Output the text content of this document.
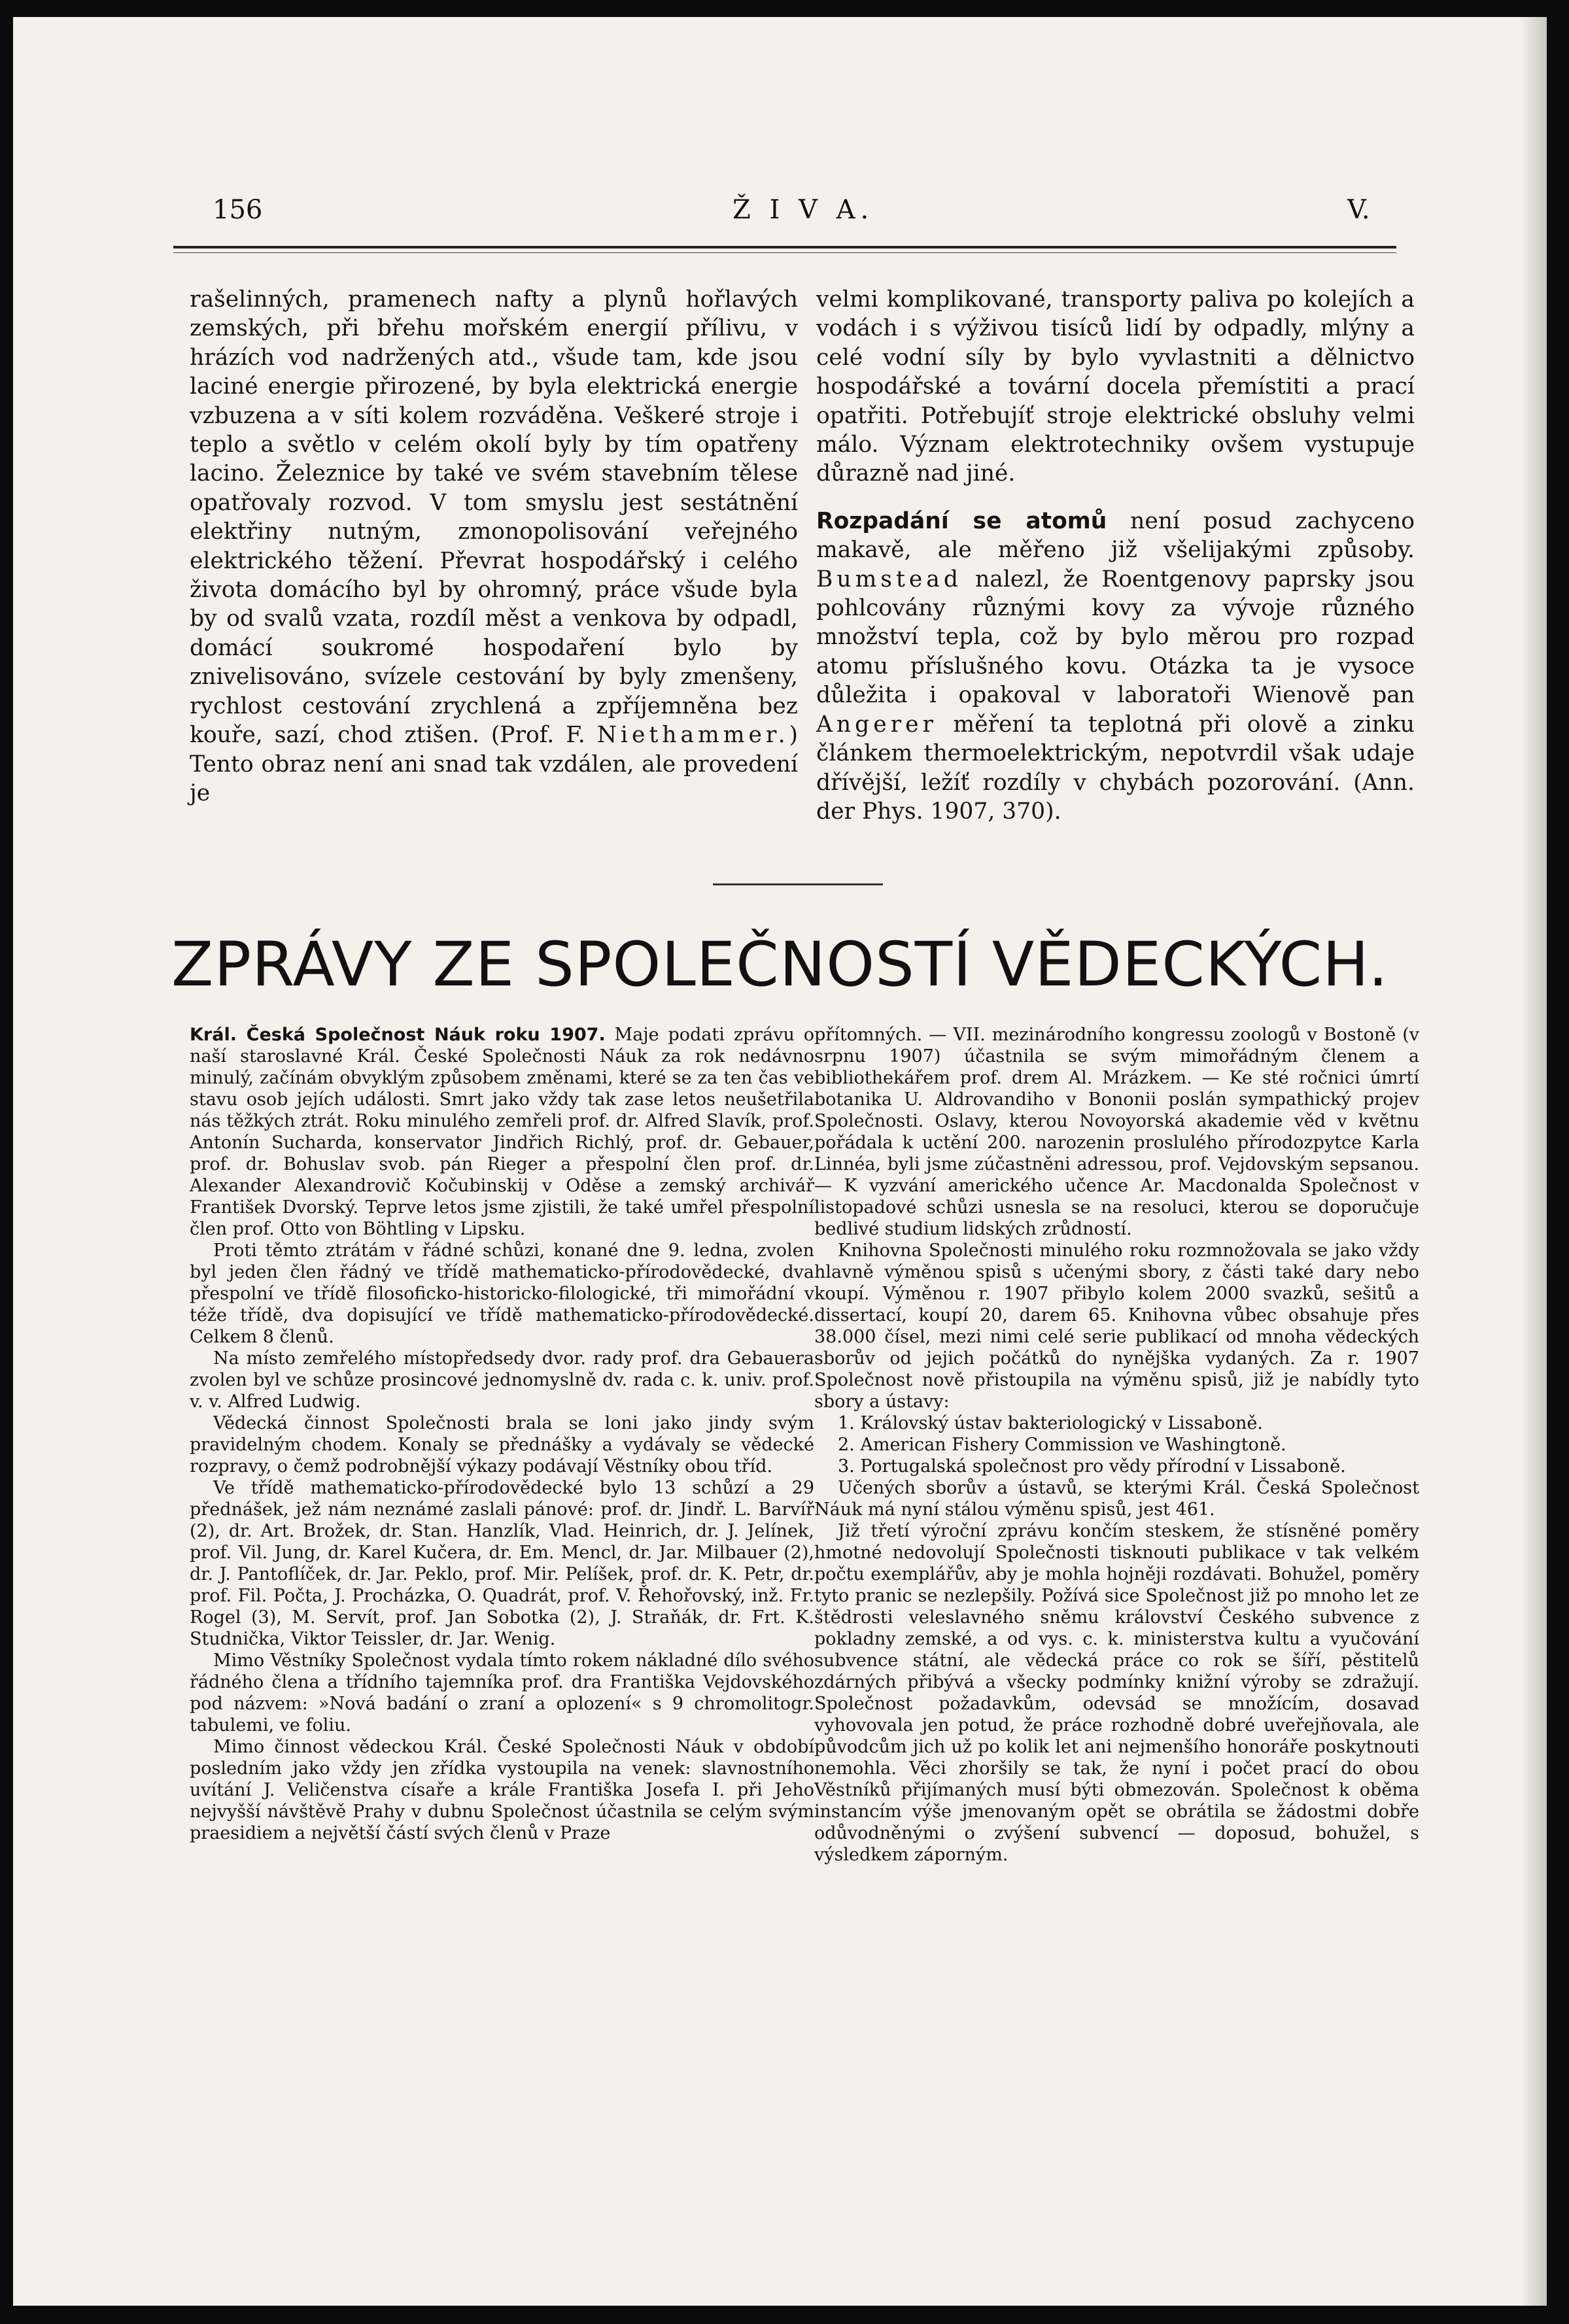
156	Ž I V A.	V.

rašelinných, pramenech nafty a plynů hořlavých zemských, při břehu mořském energií přílivu, v hrázích vod nadržených atd., všude tam, kde jsou laciné energie přirozené, by byla elektrická energie vzbuzena a v síti kolem rozváděna. Veškeré stroje i teplo a světlo v celém okolí byly by tím opatřeny lacino. Železnice by také ve svém stavebním tělese opatřovaly rozvod. V tom smyslu jest sestátnění elektřiny nutným, zmonopolisování veřejného elektrického těžení. Převrat hospodářský i celého života domácího byl by ohromný, práce všude byla by od svalů vzata, rozdíl měst a venkova by odpadl, domácí soukromé hospodaření bylo by znivelisováno, svízele cestování by byly zmenšeny, rychlost cestování zrychlená a zpříjemněna bez kouře, sazí, chod ztišen. (Prof. F. Niethammer.) Tento obraz není ani snad tak vzdálen, ale provedení je

velmi komplikované, transporty paliva po kolejích a vodách i s výživou tisíců lidí by odpadly, mlýny a celé vodní síly by bylo vyvlastniti a dělnictvo hospodářské a tovární docela přemístiti a prací opatřiti. Potřebujíť stroje elektrické obsluhy velmi málo. Význam elektrotechniky ovšem vystupuje důrazně nad jiné.

Rozpadání se atomů není posud zachyceno makavě, ale měřeno již všelijakými způsoby. Bumstead nalezl, že Roentgenovy paprsky jsou pohlcovány různými kovy za vývoje různého množství tepla, což by bylo měrou pro rozpad atomu příslušného kovu. Otázka ta je vysoce důležita i opakoval v laboratoři Wienově pan Angerer měření ta teplotná při olově a zinku článkem thermoelektrickým, nepotvrdil však udaje dřívější, ležíť rozdíly v chybách pozorování. (Ann. der Phys. 1907, 370).

ZPRÁVY ZE SPOLEČNOSTÍ VĚDECKÝCH.

Král. Česká Společnost Náuk roku 1907. Maje podati zprávu o naší staroslavné Král. České Společnosti Náuk za rok nedávno minulý, začínám obvyklým způsobem změnami, které se za ten čas ve stavu osob jejích události. Smrt jako vždy tak zase letos neušetřila nás těžkých ztrát. Roku minulého zemřeli prof. dr. Alfred Slavík, prof. Antonín Sucharda, konservator Jindřich Richlý, prof. dr. Gebauer, prof. dr. Bohuslav svob. pán Rieger a přespolní člen prof. dr. Alexander Alexandrovič Kočubinskij v Oděse a zemský archivář František Dvorský. Teprve letos jsme zjistili, že také umřel přespolní člen prof. Otto von Böhtling v Lipsku.

Proti těmto ztrátám v řádné schůzi, konané dne 9. ledna, zvolen byl jeden člen řádný ve třídě mathematicko-přírodovědecké, dva přespolní ve třídě filosoficko-historicko-filologické, tři mimořádní v téže třídě, dva dopisující ve třídě mathematicko-přírodovědecké. Celkem 8 členů.

Na místo zemřelého místopředsedy dvor. rady prof. dra Gebauera zvolen byl ve schůze prosincové jednomyslně dv. rada c. k. univ. prof. v. v. Alfred Ludwig.

Vědecká činnost Společnosti brala se loni jako jindy svým pravidelným chodem. Konaly se přednášky a vydávaly se vědecké rozpravy, o čemž podrobnější výkazy podávají Věstníky obou tříd.

Ve třídě mathematicko-přírodovědecké bylo 13 schůzí a 29 přednášek, jež nám neznámé zaslali pánové: prof. dr. Jindř. L. Barvíř (2), dr. Art. Brožek, dr. Stan. Hanzlík, Vlad. Heinrich, dr. J. Jelínek, prof. Vil. Jung, dr. Karel Kučera, dr. Em. Mencl, dr. Jar. Milbauer (2), dr. J. Pantoflíček, dr. Jar. Peklo, prof. Mir. Pelíšek, prof. dr. K. Petr, dr. prof. Fil. Počta, J. Procházka, O. Quadrát, prof. V. Řehořovský, inž. Fr. Rogel (3), M. Servít, prof. Jan Sobotka (2), J. Straňák, dr. Frt. K. Studnička, Viktor Teissler, dr. Jar. Wenig.

Mimo Věstníky Společnost vydala tímto rokem nákladné dílo svého řádného člena a třídního tajemníka prof. dra Františka Vejdovského pod názvem: »Nová badání o zraní a oplození« s 9 chromolitogr. tabulemi, ve foliu.

Mimo činnost vědeckou Král. České Společnosti Náuk v období posledním jako vždy jen zřídka vystoupila na venek: slavnostního uvítání J. Veličenstva císaře a krále Františka Josefa I. při Jeho nejvyšší návštěvě Prahy v dubnu Společnost účastnila se celým svým praesidiem a největší částí svých členů v Praze

přítomných. — VII. mezinárodního kongressu zoologů v Bostoně (v srpnu 1907) účastnila se svým mimořádným členem a bibliothekářem prof. drem Al. Mrázkem. — Ke sté ročnici úmrtí botanika U. Aldrovandiho v Bononii poslán sympathický projev Společnosti. Oslavy, kterou Novoyorská akademie věd v květnu pořádala k uctění 200. narozenin proslulého přírodozpytce Karla Linnéa, byli jsme zúčastněni adressou, prof. Vejdovským sepsanou. — K vyzvání amerického učence Ar. Macdonalda Společnost v listopadové schůzi usnesla se na resoluci, kterou se doporučuje bedlivé studium lidských zrůdností.

Knihovna Společnosti minulého roku rozmnožovala se jako vždy hlavně výměnou spisů s učenými sbory, z části také dary nebo koupí. Výměnou r. 1907 přibylo kolem 2000 svazků, sešitů a dissertací, koupí 20, darem 65. Knihovna vůbec obsahuje přes 38.000 čísel, mezi nimi celé serie publikací od mnoha vědeckých sborův od jejich počátků do nynějška vydaných. Za r. 1907 Společnost nově přistoupila na výměnu spisů, již je nabídly tyto sbory a ústavy:

1. Královský ústav bakteriologický v Lissaboně.

2. American Fishery Commission ve Washingtoně.

3. Portugalská společnost pro vědy přírodní v Lissaboně.

Učených sborův a ústavů, se kterými Král. Česká Společnost Náuk má nyní stálou výměnu spisů, jest 461.

Již třetí výroční zprávu končím steskem, že stísněné poměry hmotné nedovolují Společnosti tisknouti publikace v tak velkém počtu exemplářův, aby je mohla hojněji rozdávati. Bohužel, poměry tyto pranic se nezlepšily. Požívá sice Společnost již po mnoho let ze štědrosti veleslavného sněmu království Českého subvence z pokladny zemské, a od vys. c. k. ministerstva kultu a vyučování subvence státní, ale vědecká práce co rok se šíří, pěstitelů zdárných přibývá a všecky podmínky knižní výroby se zdražují. Společnost požadavkům, odevsád se množícím, dosavad vyhovovala jen potud, že práce rozhodně dobré uveřejňovala, ale původcům jich už po kolik let ani nejmenšího honoráře poskytnouti nemohla. Věci zhoršily se tak, že nyní i počet prací do obou Věstníků přijímaných musí býti obmezován. Společnost k oběma instancím výše jmenovaným opět se obrátila se žádostmi dobře odůvodněnými o zvýšení subvencí — doposud, bohužel, s výsledkem záporným.
